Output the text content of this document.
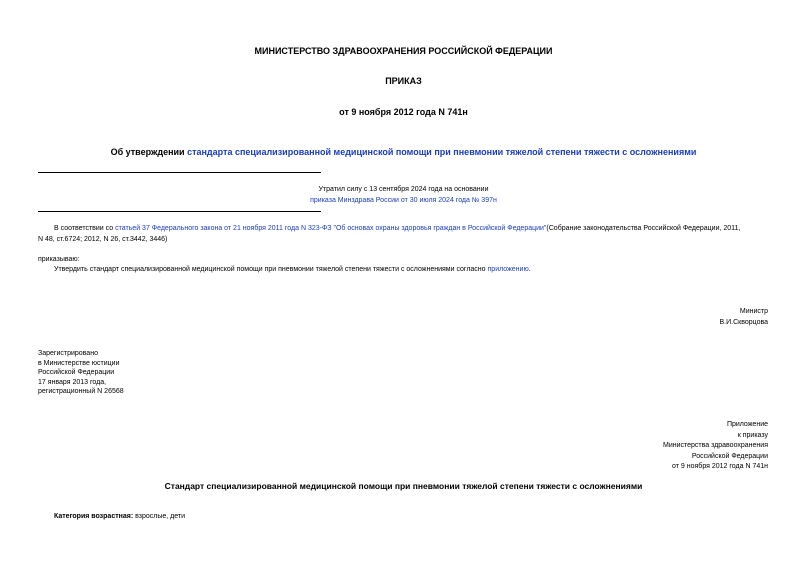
МИНИСТЕРСТВО ЗДРАВООХРАНЕНИЯ РОССИЙСКОЙ ФЕДЕРАЦИИ
ПРИКАЗ
от 9 ноября 2012 года N 741н
Об утверждении стандарта специализированной медицинской помощи при пневмонии тяжелой степени тяжести с осложнениями
Утратил силу с 13 сентября 2024 года на основании
приказа Минздрава России от 30 июля 2024 года № 397н
В соответствии со статьей 37 Федерального закона от 21 ноября 2011 года N 323-ФЗ "Об основах охраны здоровья граждан в Российской Федерации"(Собрание законодательства Российской Федерации, 2011,
N 48, ст.6724; 2012, N 26, ст.3442, 3446)
приказываю:
Утвердить стандарт специализированной медицинской помощи при пневмонии тяжелой степени тяжести с осложнениями согласно приложению.
Министр
В.И.Скворцова
Зарегистрировано
в Министерстве юстиции
Российской Федерации
17 января 2013 года,
регистрационный N 26568
Приложение
к приказу
Министерства здравоохранения
Российской Федерации
от 9 ноября 2012 года N 741н
Стандарт специализированной медицинской помощи при пневмонии тяжелой степени тяжести с осложнениями
Категория возрастная: взрослые, дети
